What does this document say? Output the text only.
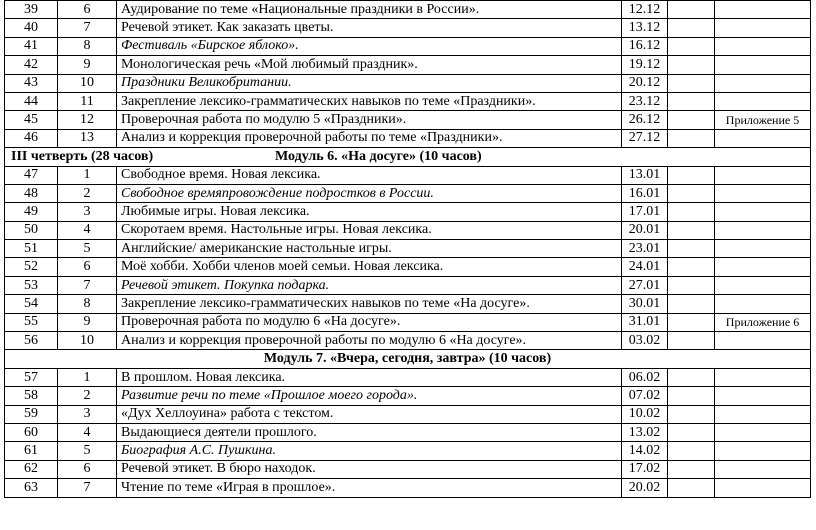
39	6	Аудирование по теме «Национальные праздники в России».	12.12		
40	7	Речевой этикет. Как заказать цветы.	13.12		
41	8	Фестиваль «Бирское яблоко».	16.12		
42	9	Монологическая речь «Мой любимый праздник».	19.12		
43	10	Праздники Великобритании.	20.12		
44	11	Закрепление лексико-грамматических навыков по теме «Праздники».	23.12		
45	12	Проверочная работа по модулю 5 «Праздники».	26.12		Приложение 5
46	13	Анализ и коррекция проверочной работы по теме «Праздники».	27.12		
III четверть (28 часов) Модуль 6. «На досуге» (10 часов)					
47	1	Свободное время. Новая лексика.	13.01		
48	2	Свободное времяпровождение подростков в России.	16.01		
49	3	Любимые игры. Новая лексика.	17.01		
50	4	Скоротаем время. Настольные игры. Новая лексика.	20.01		
51	5	Английские/ американские настольные игры.	23.01		
52	6	Моё хобби. Хобби членов моей семьи. Новая лексика.	24.01		
53	7	Речевой этикет. Покупка подарка.	27.01		
54	8	Закрепление лексико-грамматических навыков по теме «На досуге».	30.01		
55	9	Проверочная работа по модулю 6 «На досуге».	31.01		Приложение 6
56	10	Анализ и коррекция проверочной работы по модулю 6 «На досуге».	03.02		
Модуль 7. «Вчера, сегодня, завтра» (10 часов)					
57	1	В прошлом. Новая лексика.	06.02		
58	2	Развитие речи по теме «Прошлое моего города».	07.02		
59	3	«Дух Хеллоуина» работа с текстом.	10.02		
60	4	Выдающиеся деятели прошлого.	13.02		
61	5	Биография А.С. Пушкина.	14.02		
62	6	Речевой этикет. В бюро находок.	17.02		
63	7	Чтение по теме «Играя в прошлое».	20.02		
